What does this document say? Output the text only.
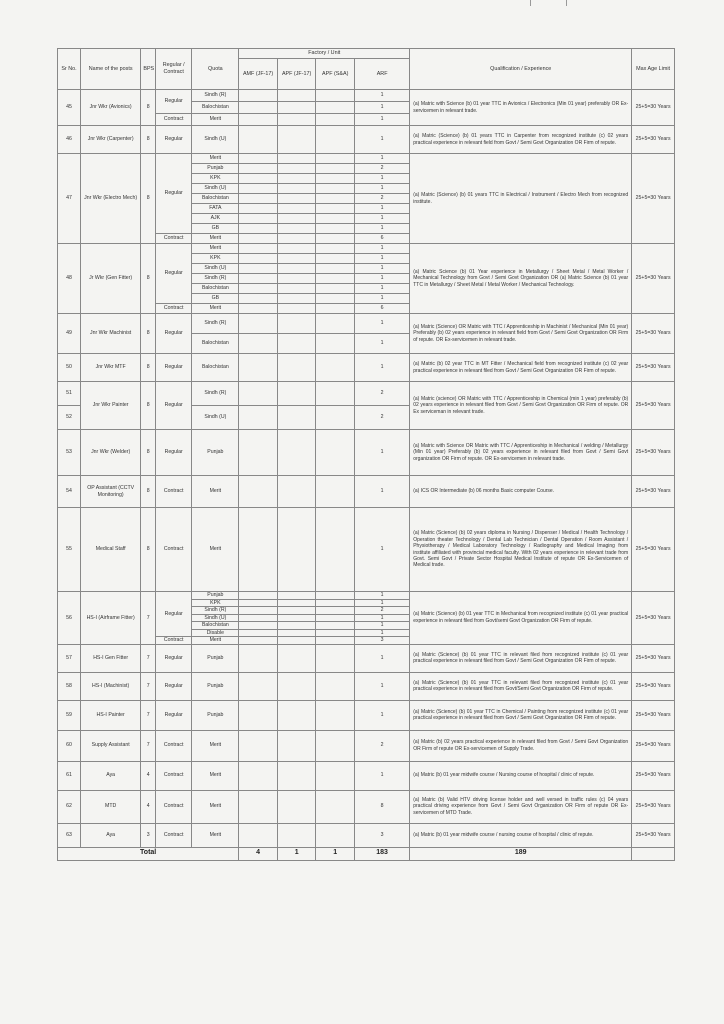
Sr No.	Name of the posts	BPS	Regular / Contract	Quota	Factory / Unit				Qualification / Experience	Max Age Limit
					AMF (JF-17)	APF (JF-17)	APF (S&A)	ARF		
45	Jnr Wkr (Avionics)	8	Regular	Sindh (R)				1	(a) Matric with Science (b) 01 year TTC in Avionics / Electronics (Min 01 year) preferably OR Ex-servicemen in relevant trade.	25+5=30 Years
				Balochistan				1		
			Contract	Merit				1		
46	Jnr Wkr (Carpenter)	8	Regular	Sindh (U)				1	(a) Matric (Science) (b) 01 years TTC in Carpenter from recognized institute (c) 02 years practical experience in relevant field from Govt / Semi Govt Organization OR Firm of repute.	25+5=30 Years
47	Jnr Wkr (Electro Mech)	8	Regular	Merit				1	(a) Matric (Science) (b) 01 years TTC in Electrical / Instrument / Electro Mech from recognized institute.	25+5=30 Years
				Punjab				2		
				KPK				1		
				Sindh (U)				1		
				Balochistan				2		
				FATA				1		
				AJK				1		
				GB				1		
			Contract	Merit				6		
48	Jr Wkr (Gen Fitter)	8	Regular	Merit				1	(a) Matric Science (b) 01 Year experience in Metallurgy / Sheet Metal / Metal Worker / Mechanical Technology from Govt / Semi Govt Organization OR (a) Matric Science (b) 01 year TTC in Metallurgy / Sheet Metal / Metal Worker / Mechanical Technology.	25+5=30 Years
				KPK				1		
				Sindh (U)				1		
				Sindh (R)				1		
				Balochistan				1		
				GB				1		
			Contract	Merit				6		
49	Jnr Wkr Machinist	8	Regular	Sindh (R)				1	(a) Matric (Science) OR Matric with TTC / Apprenticeship in Machinist / Mechanical (Min 01 year) Preferably (b) 02 years experience in relevant field from Govt / Semi Govt Organization OR Firm of repute. OR Ex-servicemen in relevant trade.	25+5=30 Years
				Balochistan				1		
50	Jnr Wkr MTF	8	Regular	Balochistan				1	(a) Matric (b) 02 year TTC in MT Fitter / Mechanical field from recognized institute (c) 02 year practical experience in relevant filed from Govt / Semi Govt Organization OR Firm of repute.	25+5=30 Years
51	Jnr Wkr Painter	8	Regular	Sindh (R)				2	(a) Matric (science) OR Matric with TTC / Apprenticeship in Chemical (min 1 year) preferably (b) 02 years experience in relevant filed from Govt / Semi Govt Organization OR Firm of repute. OR Ex serviceman in relevant trade.	25+5=30 Years
52				Sindh (U)				2		
53	Jnr Wkr (Welder)	8	Regular	Punjab				1	(a) Matric with Science OR Matric with TTC / Apprenticeship in Mechanical / welding / Metallurgy (Min 01 year) Preferably (b) 02 years experience in relevant filed from Govt / Semi Govt organization OR Firm of repute. OR Ex-servicemen in relevant trade.	25+5=30 Years
54	OP Assistant (CCTV Monitoring)	8	Contract	Merit				1	(a) ICS OR Intermediate (b) 06 months Basic computer Course.	25+5=30 Years
55	Medical Staff	8	Contract	Merit				1	(a) Matric (Science) (b) 02 years diploma in Nursing / Dispenser / Medical / Health Technology / Operation theater Technology / Dental Lab Technician / Dental Operation / Room Assistant / Physiotherapy / Medical Laboratory Technology / Radiography and Medical Imaging from institute affiliated with provincial medical faculty. With 02 years experience in relevant trade from Govt. Semi Govt / Private Sector Hospital Medical Institute of repute OR Ex-Servicemen of Medical trade.	25+5=30 Years
56	HS-I (Airframe Fitter)	7	Regular	Punjab				1	(a) Matric (Science) (b) 01 year TTC in Mechanical from recognized institute (c) 01 year practical experience in relevant filed from Govt/semi Govt Organization OR Firm of repute.	25+5=30 Years
				KPK				1		
				Sindh (R)				2		
				Sindh (U)				1		
				Balochistan				1		
				Disable				1		
			Contract	Merit				3		
57	HS-I Gen Fitter	7	Regular	Punjab				1	(a) Matric (Science) (b) 01 year TTC in relevant filed from recognized institute (c) 01 year practical experience in relevant filed from Govt / Semi Govt Organization OR Firm of repute.	25+5=30 Years
58	HS-I (Machinist)	7	Regular	Punjab				1	(a) Matric (Science) (b) 01 year TTC in relevant filed from recognized institute (c) 01 year practical experience in relevant filed from Govt/Semi Govt Organization OR Firm of repute.	25+5=30 Years
59	HS-I Painter	7	Regular	Punjab				1	(a) Matric (Science) (b) 01 year TTC in Chemical / Painting from recognized institute (c) 01 year practical experience in relevant filed from Govt / Semi Govt Organization OR Firm of repute.	25+5=30 Years
60	Supply Assistant	7	Contract	Merit				2	(a) Matric (b) 02 years practical experience in relevant filed from Govt / Semi Govt Organization OR Firm of repute OR Ex-servicemen of Supply Trade.	25+5=30 Years
61	Aya	4	Contract	Merit				1	(a) Matric (b) 01 year midwife course / Nursing course of hospital / clinic of repute.	25+5=30 Years
62	MTD	4	Contract	Merit				8	(a) Matric (b) Valid HTV driving license holder and well versed in traffic rules (c) 04 years practical driving experience from Govt / Semi Govt Organization OR Firm of repute OR Ex-servicemen of MTD Trade.	25+5=30 Years
63	Aya	3	Contract	Merit				3	(a) Matric (b) 01 year midwife course / nursing course of hospital / clinic of repute.	25+5=30 Years
Total					4	1	1	183	189	
